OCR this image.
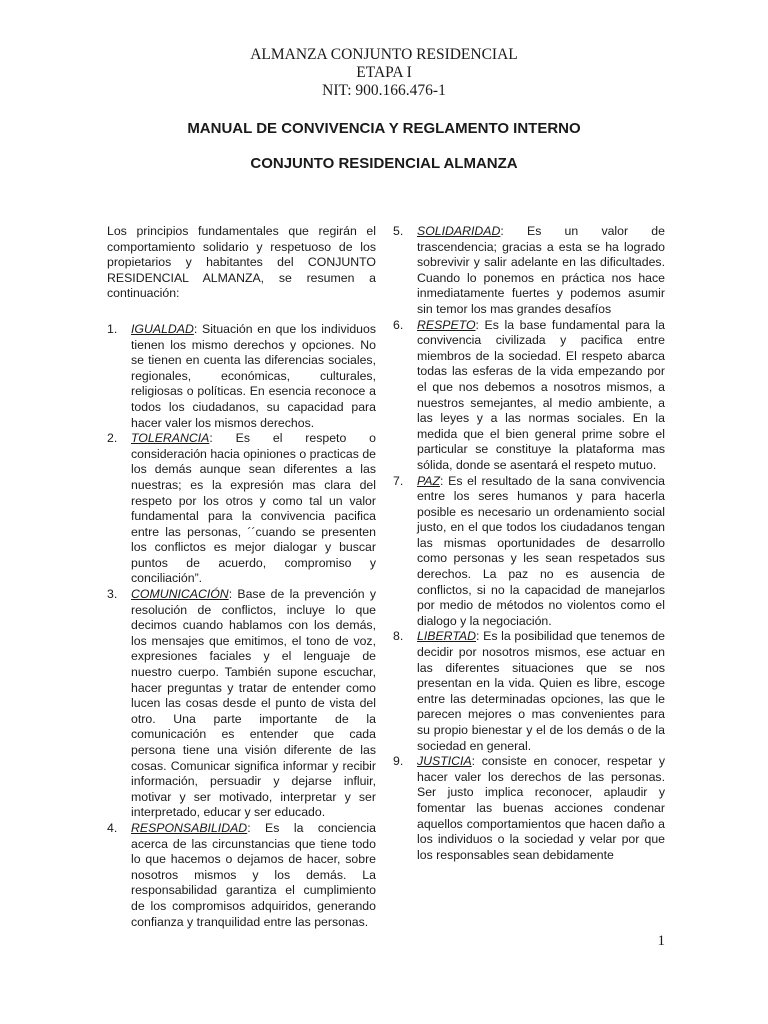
ALMANZA CONJUNTO RESIDENCIAL
ETAPA I
NIT: 900.166.476-1
MANUAL DE CONVIVENCIA Y REGLAMENTO INTERNO
CONJUNTO RESIDENCIAL ALMANZA

Los principios fundamentales que regirán el comportamiento solidario y respetuoso de los propietarios y habitantes del CONJUNTO RESIDENCIAL ALMANZA, se resumen a continuación:

1. IGUALDAD: Situación en que los individuos tienen los mismo derechos y opciones. No se tienen en cuenta las diferencias sociales, regionales, económicas, culturales, religiosas o políticas. En esencia reconoce a todos los ciudadanos, su capacidad para hacer valer los mismos derechos.
2. TOLERANCIA: Es el respeto o consideración hacia opiniones o practicas de los demás aunque sean diferentes a las nuestras; es la expresión mas clara del respeto por los otros y como tal un valor fundamental para la convivencia pacifica entre las personas, ´´cuando se presenten los conflictos es mejor dialogar y buscar puntos de acuerdo, compromiso y conciliación”.
3. COMUNICACIÓN: Base de la prevención y resolución de conflictos, incluye lo que decimos cuando hablamos con los demás, los mensajes que emitimos, el tono de voz, expresiones faciales y el lenguaje de nuestro cuerpo. También supone escuchar, hacer preguntas y tratar de entender como lucen las cosas desde el punto de vista del otro. Una parte importante de la comunicación es entender que cada persona tiene una visión diferente de las cosas. Comunicar significa informar y recibir información, persuadir y dejarse influir, motivar y ser motivado, interpretar y ser interpretado, educar y ser educado.
4. RESPONSABILIDAD: Es la conciencia acerca de las circunstancias que tiene todo lo que hacemos o dejamos de hacer, sobre nosotros mismos y los demás. La responsabilidad garantiza el cumplimiento de los compromisos adquiridos, generando confianza y tranquilidad entre las personas.
5. SOLIDARIDAD: Es un valor de trascendencia; gracias a esta se ha logrado sobrevivir y salir adelante en las dificultades. Cuando lo ponemos en práctica nos hace inmediatamente fuertes y podemos asumir sin temor los mas grandes desafíos
6. RESPETO: Es la base fundamental para la convivencia civilizada y pacifica entre miembros de la sociedad. El respeto abarca todas las esferas de la vida empezando por el que nos debemos a nosotros mismos, a nuestros semejantes, al medio ambiente, a las leyes y a las normas sociales. En la medida que el bien general prime sobre el particular se constituye la plataforma mas sólida, donde se asentará el respeto mutuo.
7. PAZ: Es el resultado de la sana convivencia entre los seres humanos y para hacerla posible es necesario un ordenamiento social justo, en el que todos los ciudadanos tengan las mismas oportunidades de desarrollo como personas y les sean respetados sus derechos. La paz no es ausencia de conflictos, si no la capacidad de manejarlos por medio de métodos no violentos como el dialogo y la negociación.
8. LIBERTAD: Es la posibilidad que tenemos de decidir por nosotros mismos, ese actuar en las diferentes situaciones que se nos presentan en la vida. Quien es libre, escoge entre las determinadas opciones, las que le parecen mejores o mas convenientes para su propio bienestar y el de los demás o de la sociedad en general.
9. JUSTICIA: consiste en conocer, respetar y hacer valer los derechos de las personas. Ser justo implica reconocer, aplaudir y fomentar las buenas acciones condenar aquellos comportamientos que hacen daño a los individuos o la sociedad y velar por que los responsables sean debidamente
1
